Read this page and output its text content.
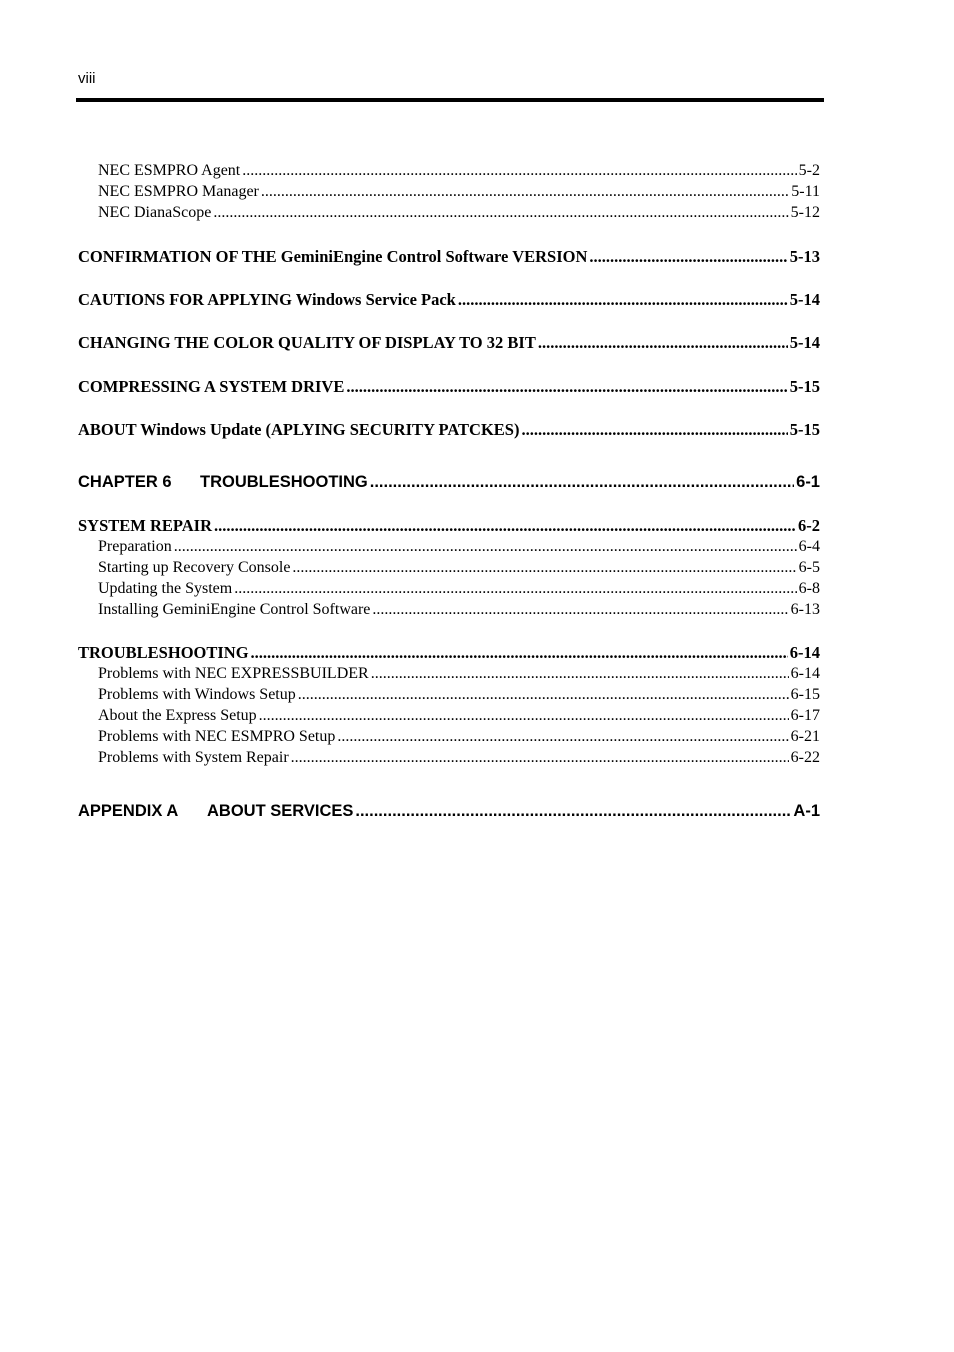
viii
NEC ESMPRO Agent .....	5-2
NEC ESMPRO Manager .....	5-11
NEC DianaScope .....	5-12
CONFIRMATION OF THE GeminiEngine Control Software VERSION .....	5-13
CAUTIONS FOR APPLYING Windows Service Pack .....	5-14
CHANGING THE COLOR QUALITY OF DISPLAY TO 32 BIT .....	5-14
COMPRESSING A SYSTEM DRIVE .....	5-15
ABOUT Windows Update (APLYING SECURITY PATCKES) .....	5-15
CHAPTER 6 TROUBLESHOOTING .....	6-1
SYSTEM REPAIR .....	6-2
Preparation .....	6-4
Starting up Recovery Console .....	6-5
Updating the System .....	6-8
Installing GeminiEngine Control Software .....	6-13
TROUBLESHOOTING .....	6-14
Problems with NEC EXPRESSBUILDER .....	6-14
Problems with Windows Setup .....	6-15
About the Express Setup .....	6-17
Problems with NEC ESMPRO Setup .....	6-21
Problems with System Repair .....	6-22
APPENDIX A ABOUT SERVICES .....	A-1
